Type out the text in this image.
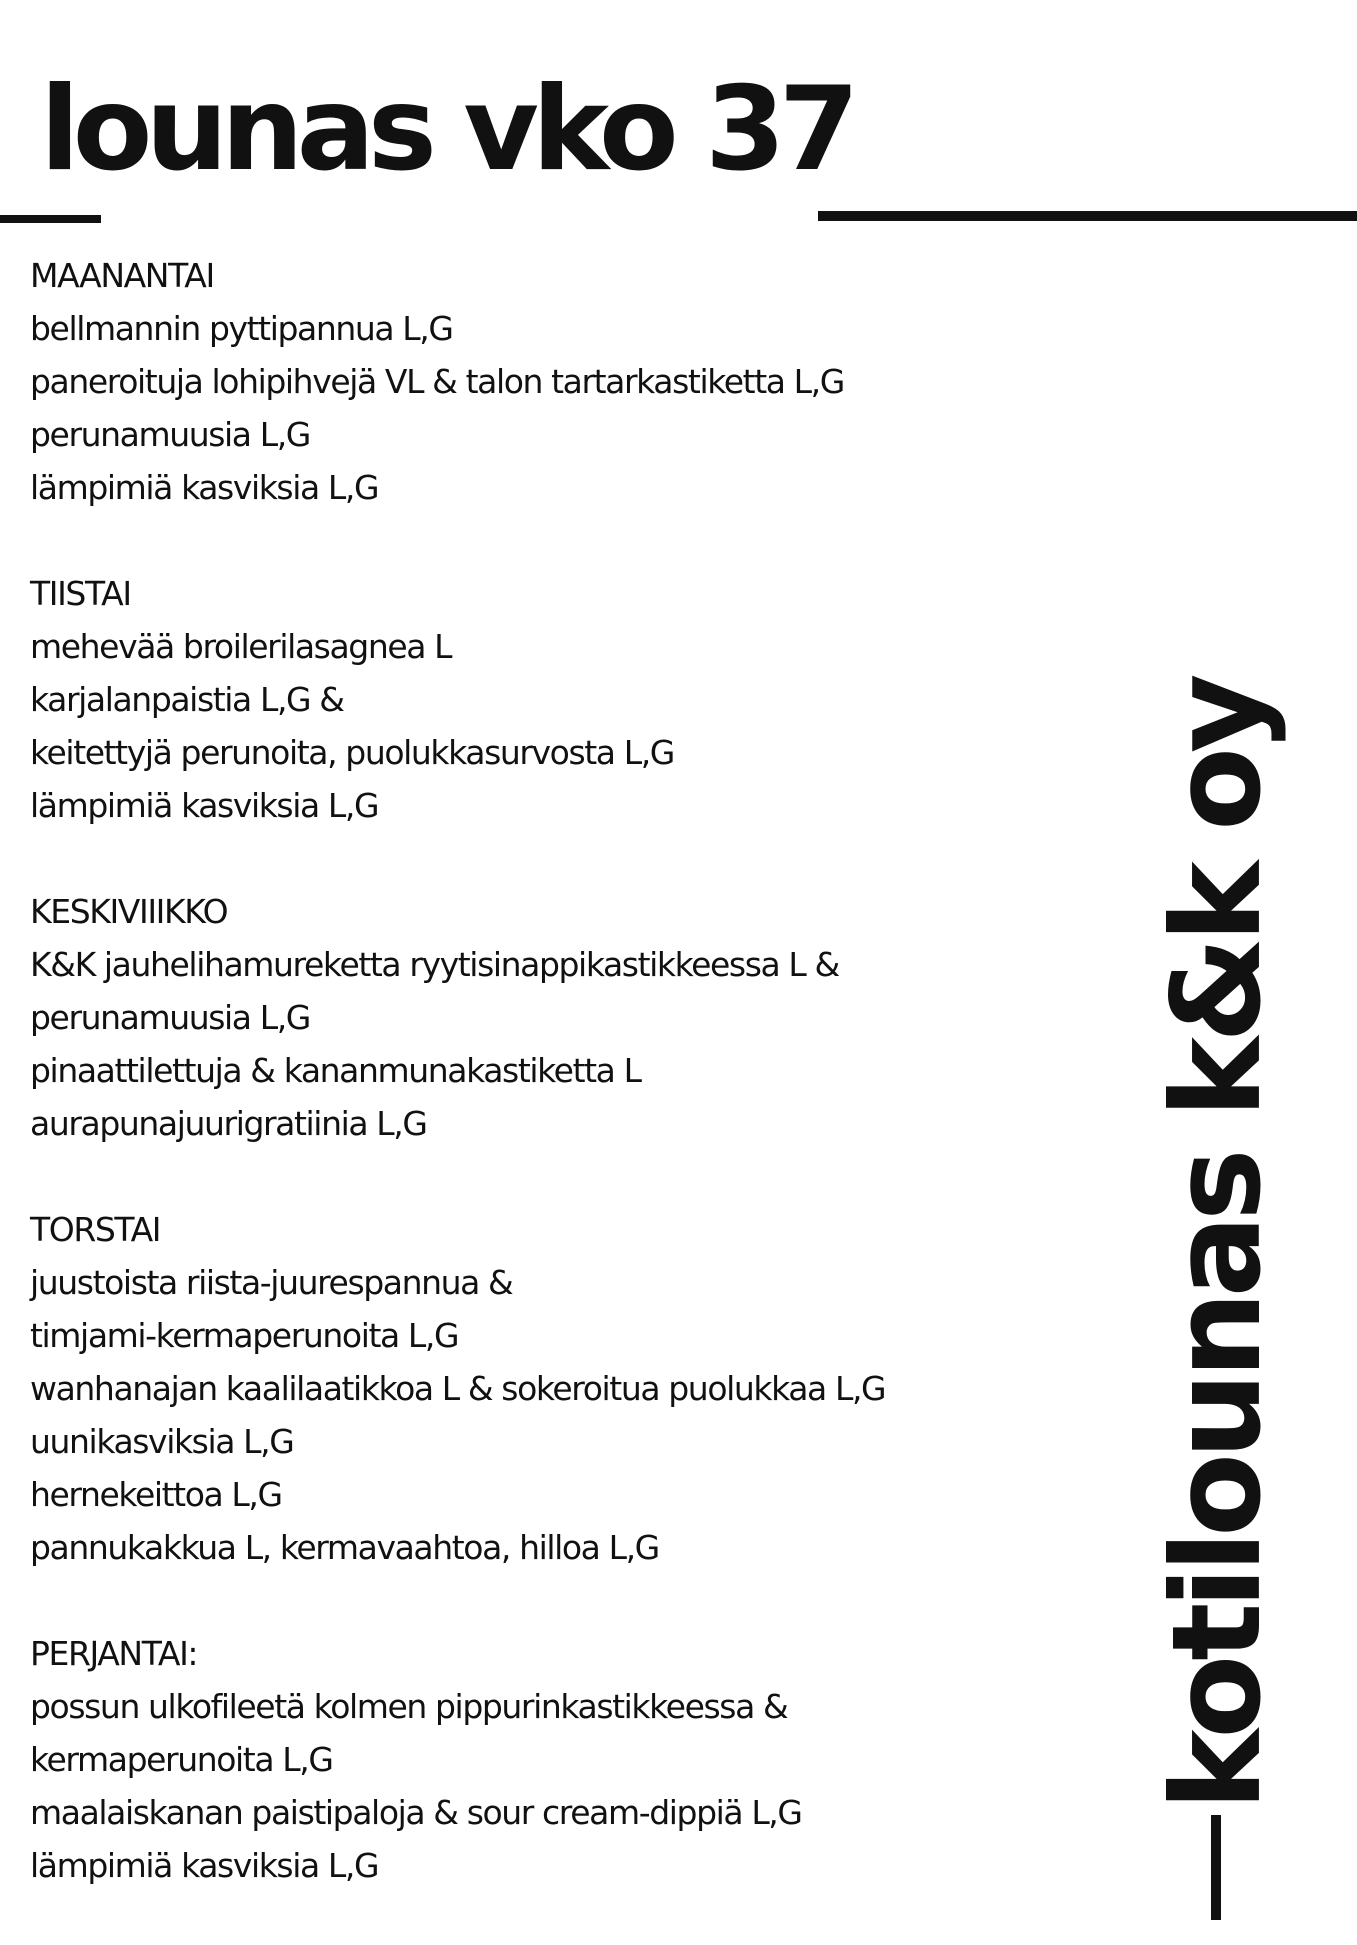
lounas vko 37
MAANANTAI
bellmannin pyttipannua L,G
paneroituja lohipihvejä VL & talon tartarkastiketta L,G
perunamuusia L,G
lämpimiä kasviksia L,G
TIISTAI
mehevää broilerilasagnea L
karjalanpaistia L,G &
keitettyjä perunoita, puolukkasurvosta L,G
lämpimiä kasviksia L,G
KESKIVIIIKKO
K&K jauhelihamureketta ryytisinappikastikkeessa L &
perunamuusia L,G
pinaattilettuja & kananmunakastiketta L
aurapunajuurigratiinia L,G
TORSTAI
juustoista riista-juurespannua &
timjami-kermaperunoita L,G
wanhanajan kaalilaatikkoa L & sokeroitua puolukkaa L,G
uunikasviksia L,G
hernekeittoa L,G
pannukakkua L, kermavaahtoa, hilloa L,G
PERJANTAI:
possun ulkofileetä kolmen pippurinkastikkeessa &
kermaperunoita L,G
maalaiskanan paistipaloja & sour cream-dippiä L,G
lämpimiä kasviksia L,G
kotilounas k&k oy
